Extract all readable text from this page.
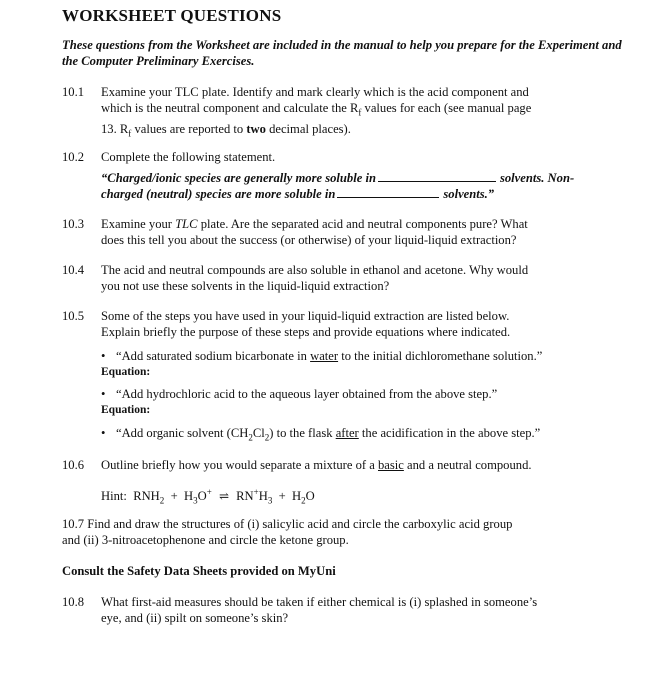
WORKSHEET QUESTIONS
These questions from the Worksheet are included in the manual to help you prepare for the Experiment and the Computer Preliminary Exercises.
10.1 Examine your TLC plate. Identify and mark clearly which is the acid component and
which is the neutral component and calculate the $R_f$ values for each (see manual page
13. $R_f$ values are reported to two decimal places).
10.2 Complete the following statement.
“Charged/ionic species are generally more soluble in	solvents. Non-
charged (neutral) species are more soluble in	solvents.”
10.3 Examine your TLC plate. Are the separated acid and neutral components pure? What
does this tell you about the success (or otherwise) of your liquid-liquid extraction?
10.4 The acid and neutral compounds are also soluble in ethanol and acetone. Why would
you not use these solvents in the liquid-liquid extraction?
10.5 Some of the steps you have used in your liquid-liquid extraction are listed below.
Explain briefly the purpose of these steps and provide equations where indicated.
• “Add saturated sodium bicarbonate in water to the initial dichloromethane solution.”
Equation:
• “Add hydrochloric acid to the aqueous layer obtained from the above step.”
Equation:
• “Add organic solvent $(CH_2Cl_2)$ to the flask after the acidification in the above step.”
10.6 Outline briefly how you would separate a mixture of a basic and a neutral compound.
Hint: $RNH_2 + H_3O^+$ ⇌ $RN^+H_3 + H_2O$
10.7 Find and draw the structures of (i) salicylic acid and circle the carboxylic acid group
and (ii) 3-nitroacetophenone and circle the ketone group.
Consult the Safety Data Sheets provided on MyUni
10.8 What first-aid measures should be taken if either chemical is (i) splashed in someone’s
eye, and (ii) spilt on someone’s skin?
